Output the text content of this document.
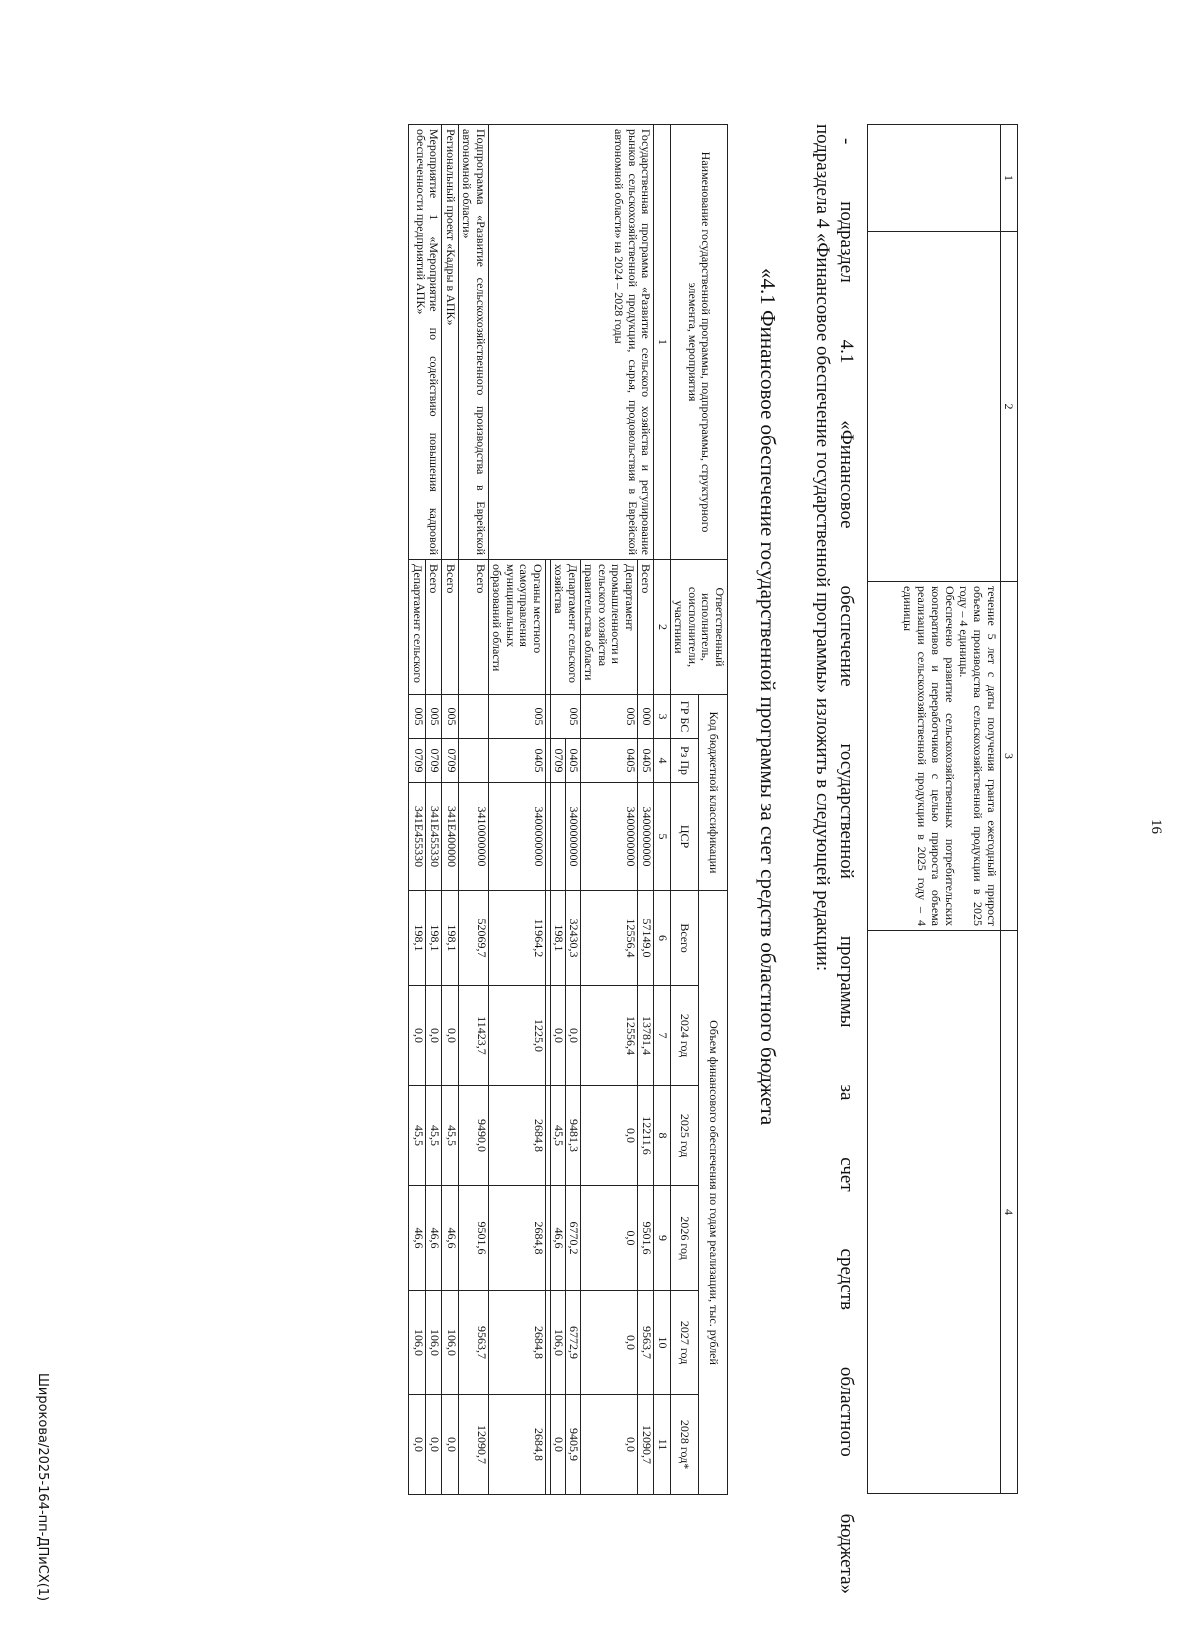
16
1	2	3	4

		течение 5 лет с даты получения гранта ежегодный прирост объема производства сельскохозяйственной продукции в 2025 году – 4 единицы.
Обеспечено развитие сельскохозяйственных потребительских кооперативов и переработчиков с целью прироста объема реализации сельскохозяйственной продукции в 2025 году – 4 единицы	

- подраздел 4.1 «Финансовое обеспечение государственной программы за счет средств областного бюджета»
подраздела 4 «Финансовое обеспечение государственной программы» изложить в следующей редакции:
«4.1 Финансовое обеспечение государственной программы за счет средств областного бюджета
Наименование государственной программы, подпрограммы, структурного элемента, мероприятия	Ответственный исполнитель, соисполнители, участники	Код бюджетной классификации			Объем финансового обеспечения по годам реализации, тыс. рублей					
		ГР БС	Рз Пр	ЦСР	Всего	2024 год	2025 год	2026 год	2027 год	2028 год*
1	2	3	4	5	6	7	8	9	10	11
Государственная программа «Развитие сельского хозяйства и регулирование рынков сельскохозяйственной продукции, сырья, продовольствия в Еврейской автономной области» на 2024 – 2028 годы	Всего	000	0405	3400000000	57149,0	13781,4	12211,6	9501,6	9563,7	12090,7
	Департамент промышленности и сельского хозяйства правительства области	005	0405	3400000000	12556,4	12556,4	0,0	0,0	0,0	0,0
	Департамент сельского хозяйства	005	0405	3400000000	32430,3	0,0	9481,3	6770,2	6772,9	9405,9
			0709		198,1	0,0	45,5	46,6	106,0	0,0

	Органы местного самоуправления муниципальных образований области	005	0405	3400000000	11964,2	1225,0	2684,8	2684,8	2684,8	2684,8
Подпрограмма «Развитие сельскохозяйственного производства в Еврейской автономной области»	Всего			3410000000	52069,7	11423,7	9490,0	9501,6	9563,7	12090,7
Региональный проект «Кадры в АПК»	Всего	005	0709	341Е400000	198,1	0,0	45,5	46,6	106,0	0,0
Мероприятие 1 «Мероприятие по содействию повышения кадровой обеспеченности предприятий АПК»	Всего	005	0709	341Е455330	198,1	0,0	45,5	46,6	106,0	0,0
	Департамент сельского	005	0709	341Е455330	198,1	0,0	45,5	46,6	106,0	0,0
Широкова/2025-164-пп-ДПиСХ(1)
